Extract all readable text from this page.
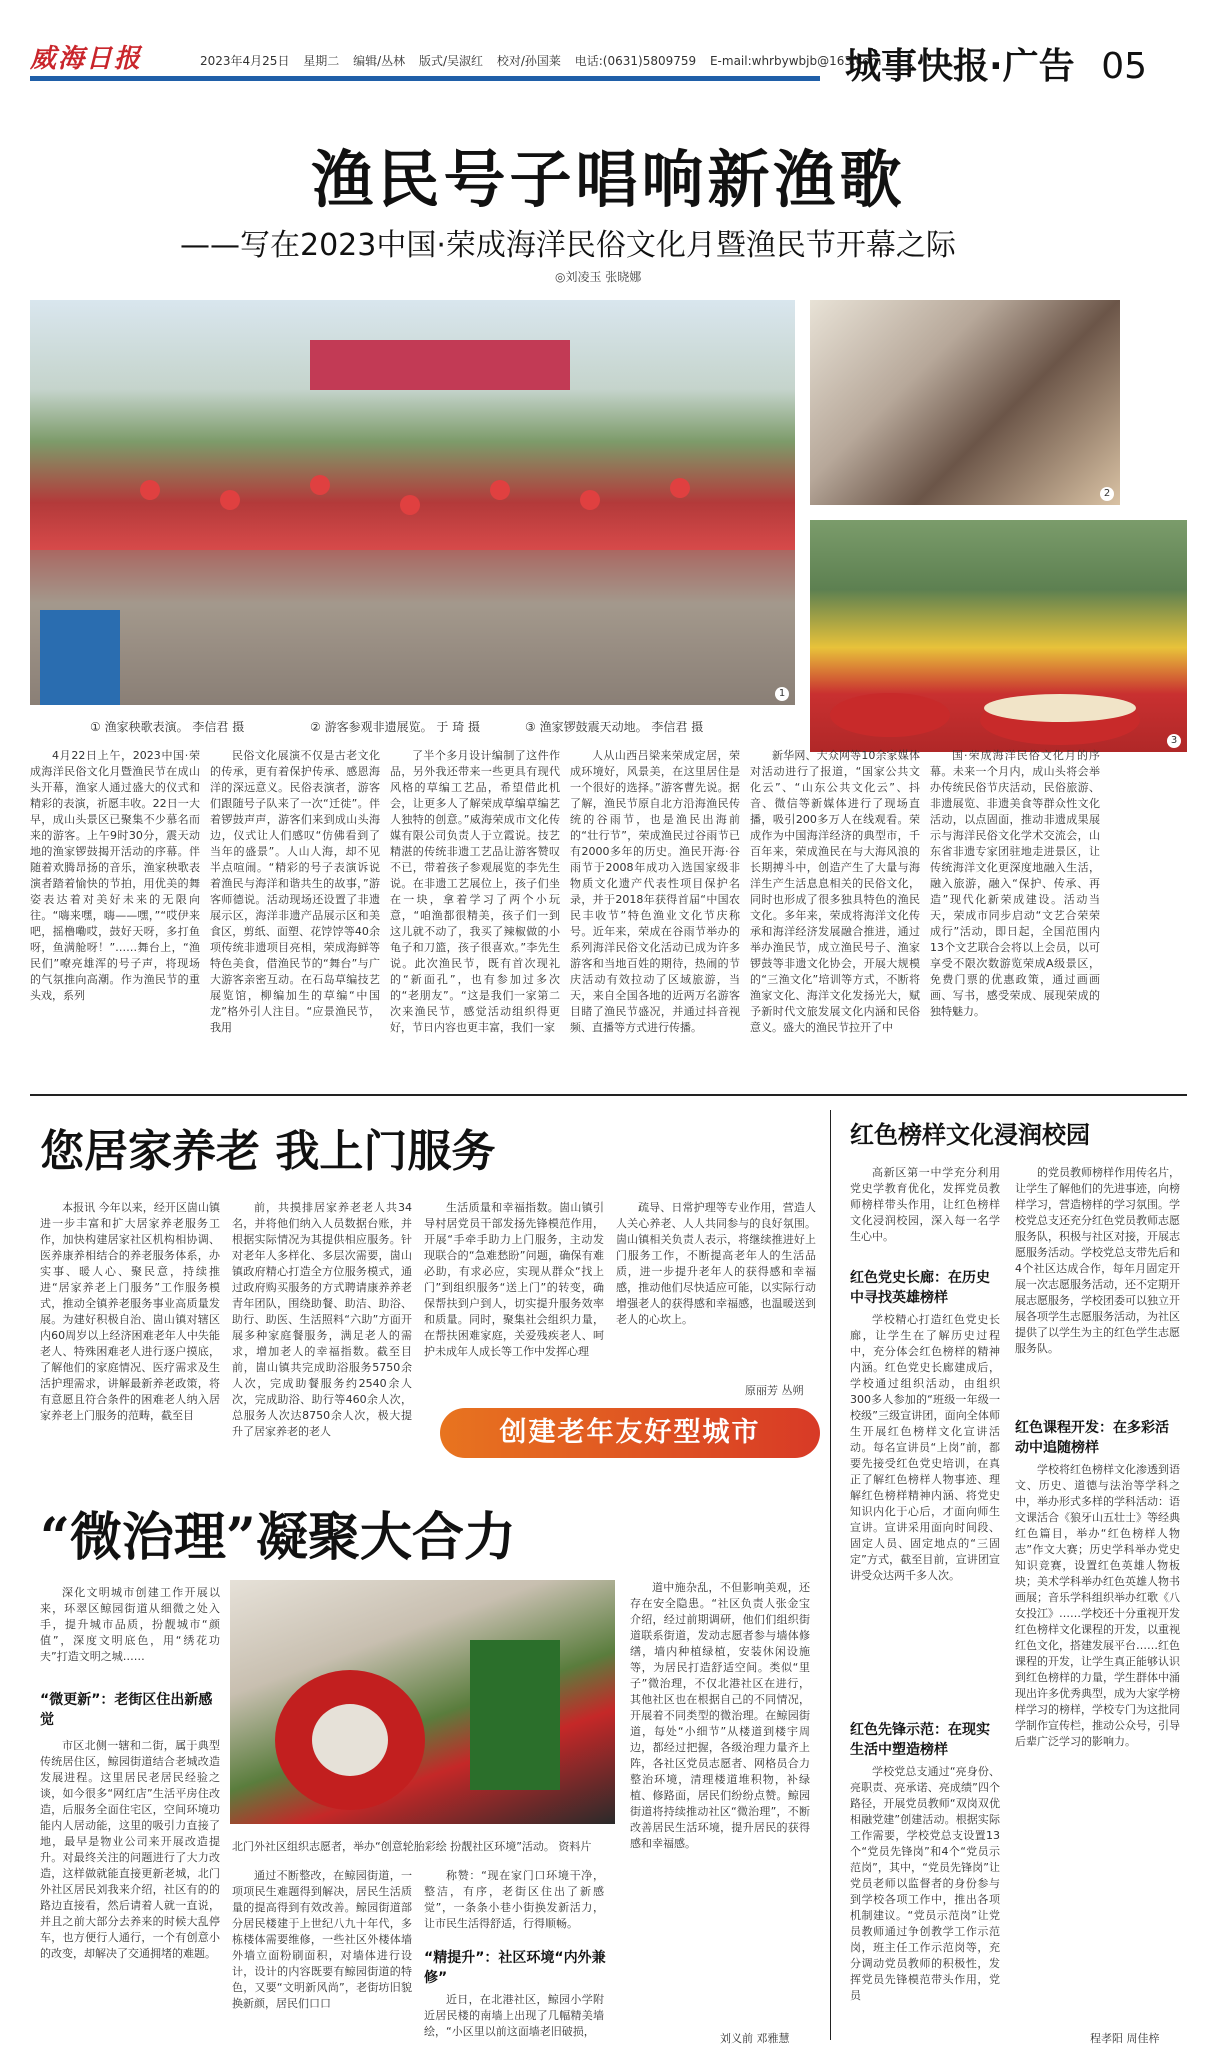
威海日报	2023年4月25日 星期二 编辑/丛林 版式/吴淑红 校对/孙国莱 电话:(0631)5809759 E-mail:whrbywbjb@163.com
城事快报·广告 05
渔民号子唱响新渔歌
——写在2023中国·荣成海洋民俗文化月暨渔民节开幕之际
◎刘凌玉 张晓娜
1
2
3
① 渔家秧歌表演。 李信君 摄	② 游客参观非遗展览。 于 琦 摄	③ 渔家锣鼓震天动地。 李信君 摄
4月22日上午，2023中国·荣成海洋民俗文化月暨渔民节在成山头开幕，渔家人通过盛大的仪式和精彩的表演，祈愿丰收。22日一大早，成山头景区已聚集不少慕名而来的游客。上午9时30分，震天动地的渔家锣鼓揭开活动的序幕。伴随着欢腾昂扬的音乐，渔家秧歌表演者踏着愉快的节拍，用优美的舞姿表达着对美好未来的无限向往。“嗨来嘿，嗨——嘿，”“哎伊来吧，摇橹嘞哎，鼓好天呀，多打鱼呀，鱼满舱呀！”……舞台上，“渔民们”嘹亮雄浑的号子声，将现场的气氛推向高潮。作为渔民节的重头戏，系列
民俗文化展演不仅是古老文化的传承，更有着保护传承、感恩海洋的深远意义。民俗表演者，游客们跟随号子队来了一次“迁徙”。伴着锣鼓声声，游客们来到成山头海边，仪式让人们感叹“仿佛看到了当年的盛景”。人山人海，却不见半点喧闹。“精彩的号子表演诉说着渔民与海洋和谐共生的故事，”游客师德说。活动现场还设置了非遗展示区，海洋非遗产品展示区和美食区，剪纸、面塑、花饽饽等40余项传统非遗项目亮相，荣成海鲜等特色美食，借渔民节的“舞台”与广大游客亲密互动。在石岛草编技艺展览馆，柳编加生的草编“中国龙”格外引人注目。“应景渔民节，我用
了半个多月设计编制了这件作品，另外我还带来一些更具有现代风格的草编工艺品，希望借此机会，让更多人了解荣成草编草编艺人独特的创意。”威海荣成市文化传媒有限公司负责人于立霞说。技艺精湛的传统非遗工艺品让游客赞叹不已，带着孩子参观展览的李先生说。在非遗工艺展位上，孩子们坐在一块，拿着学习了两个小玩意，“咱渔都很精美，孩子们一到这儿就不动了，我买了辣椒做的小龟子和刀篮，孩子很喜欢。”李先生说。此次渔民节，既有首次现礼的“新面孔”，也有参加过多次的“老朋友”。“这是我们一家第二次来渔民节，感觉活动组织得更好，节日内容也更丰富，我们一家
人从山西吕梁来荣成定居，荣成环境好，风景美，在这里居住是一个很好的选择。”游客曹先说。据了解，渔民节原自北方沿海渔民传统的谷雨节，也是渔民出海前的“壮行节”，荣成渔民过谷雨节已有2000多年的历史。渔民开海·谷雨节于2008年成功入选国家级非物质文化遗产代表性项目保护名录，并于2018年获得首届“中国农民丰收节”特色渔业文化节庆称号。近年来，荣成在谷雨节举办的系列海洋民俗文化活动已成为许多游客和当地百姓的期待，热闹的节庆活动有效拉动了区域旅游，当天，来自全国各地的近两万名游客目睹了渔民节盛况，并通过抖音视频、直播等方式进行传播。
新华网、大众网等10余家媒体对活动进行了报道，“国家公共文化云”、“山东公共文化云”、抖音、微信等新媒体进行了现场直播，吸引200多万人在线观看。荣成作为中国海洋经济的典型市，千百年来，荣成渔民在与大海风浪的长期搏斗中，创造产生了大量与海洋生产生活息息相关的民俗文化，同时也形成了很多独具特色的渔民文化。多年来，荣成将海洋文化传承和海洋经济发展融合推进，通过举办渔民节，成立渔民号子、渔家锣鼓等非遗文化协会，开展大规模的“三渔文化”培训等方式，不断将渔家文化、海洋文化发扬光大，赋予新时代文旅发展文化内涵和民俗意义。盛大的渔民节拉开了中
国·荣成海洋民俗文化月的序幕。未来一个月内，成山头将会举办传统民俗节庆活动，民俗旅游、非遗展览、非遗美食等群众性文化活动，以点固面，推动非遗成果展示与海洋民俗文化学术交流会，山东省非遗专家团驻地走进景区，让传统海洋文化更深度地融入生活，融入旅游，融入“保护、传承、再造”现代化新荣成建设。活动当天，荣成市同步启动“文艺合荣荣成行”活动，即日起，全国范围内13个文艺联合会将以上会员，以可享受不限次数游览荣成A级景区，免费门票的优惠政策，通过画画画、写书，感受荣成、展现荣成的独特魅力。
您居家养老 我上门服务
本报讯 今年以来，经开区崮山镇进一步丰富和扩大居家养老服务工作，加快构建居家社区机构相协调、医养康养相结合的养老服务体系，办实事、暖人心、聚民意，持续推进“居家养老上门服务”工作服务模式，推动全镇养老服务事业高质量发展。为建好积极自治、崮山镇对辖区内60周岁以上经济困难老年人中失能老人、特殊困难老人进行逐户摸底，了解他们的家庭情况、医疗需求及生活护理需求，讲解最新养老政策，将有意愿且符合条件的困难老人纳入居家养老上门服务的范畴，截至目
前，共摸排居家养老老人共34名，并将他们纳入人员数据台账，并根据实际情况为其提供相应服务。针对老年人多样化、多层次需要，崮山镇政府精心打造全方位服务模式，通过政府购买服务的方式聘请康养养老青年团队，围绕助餐、助洁、助浴、助行、助医、生活照料“六助”方面开展多种家庭餐服务，满足老人的需求，增加老人的幸福指数。截至目前，崮山镇共完成助浴服务5750余人次，完成助餐服务约2540余人次，完成助浴、助行等460余人次，总服务人次达8750余人次，极大提升了居家养老的老人
生活质量和幸福指数。崮山镇引导村居党员干部发扬先锋模范作用，开展“手牵手助力上门服务，主动发现联合的“急难愁盼”问题，确保有难必助，有求必应，实现从群众“找上门”到组织服务“送上门”的转变，确保帮扶到户到人，切实提升服务效率和质量。同时，聚集社会组织力量，在帮扶困难家庭，关爱残疾老人、呵护未成年人成长等工作中发挥心理
疏导、日常护理等专业作用，营造人人关心养老、人人共同参与的良好氛围。崮山镇相关负责人表示，将继续推进好上门服务工作，不断提高老年人的生活品质，进一步提升老年人的获得感和幸福感，推动他们尽快适应可能，以实际行动增强老人的获得感和幸福感，也温暖送到老人的心坎上。
原丽芳 丛朔
创建老年友好型城市
“微治理”凝聚大合力
深化文明城市创建工作开展以来，环翠区鲸园街道从细微之处入手，提升城市品质，扮靓城市“颜值”，深度文明底色，用“绣花功夫”打造文明之城……
“微更新”：老街区住出新感觉
市区北侧一辖和二街，属于典型传统居住区，鲸园街道结合老城改造发展进程。这里居民老居民经验之谈，如今很多“网红店”生活平房住改造，后服务全面住宅区，空间环境功能内人居动能，这里的吸引力直接了地，最早是物业公司来开展改造提升。对最终关注的问题进行了大力改造，这样做就能直接更新老城，北门外社区居民刘我来介绍，社区有的的路边直接看，然后请着人就一直说，并且之前大部分去养来的时候大乱停车，也方便行人通行，一个有创意小的改变，却解决了交通拥堵的难题。
北门外社区组织志愿者，举办“创意轮胎彩绘 扮靓社区环境”活动。 资料片
通过不断整改，在鲸园街道，一项项民生难题得到解决，居民生活质量的提高得到有效改善。鲸园街道部分居民楼建于上世纪八九十年代，多栋楼体需要维修，一些社区外楼体墙外墙立面粉刷面积，对墙体进行设计，设计的内容既要有鲸园街道的特色，又要“文明新风尚”，老街坊旧貌换新颜，居民们口口
称赞：“现在家门口环境干净，整洁，有序，老街区住出了新感觉”，一条条小巷小街换发新活力，让市民生活得舒适，行得顺畅。
“精提升”：社区环境“内外兼修”
近日，在北港社区，鲸园小学附近居民楼的南墙上出现了几幅精美墙绘，“小区里以前这面墙老旧破损，
道中施杂乱，不但影响美观，还存在安全隐患。“社区负责人张金宝介绍，经过前期调研，他们们组织街道联系街道，发动志愿者参与墙体修缮，墙内种植绿植，安装休闲设施等，为居民打造舒适空间。类似“里子”微治理，不仅北港社区在进行，其他社区也在根据自己的不同情况，开展着不同类型的微治理。在鲸园街道，每处“小细节”从楼道到楼宇周边，都经过把握，各级治理力量齐上阵，各社区党员志愿者、网格员合力整治环境，清理楼道堆积物，补绿植、修路面，居民们纷纷点赞。鲸园街道将持续推动社区“微治理”，不断改善居民生活环境，提升居民的获得感和幸福感。
刘义前 邓雅慧
红色榜样文化浸润校园
高新区第一中学充分利用党史学教育优化，发挥党员教师榜样带头作用，让红色榜样文化浸润校园，深入每一名学生心中。
红色党史长廊：在历史中寻找英雄榜样
学校精心打造红色党史长廊，让学生在了解历史过程中，充分体会红色榜样的精神内涵。红色党史长廊建成后，学校通过组织活动，由组织300多人参加的“班级一年级一校级”三级宣讲团，面向全体师生开展红色榜样文化宣讲活动。每名宣讲员“上岗”前，都要先接受红色党史培训，在真正了解红色榜样人物事迹、理解红色榜样精神内涵、将党史知识内化于心后，才面向师生宣讲。宣讲采用面向时间段、固定人员、固定地点的“三固定”方式，截至目前，宣讲团宣讲受众达两千多人次。
红色先锋示范：在现实生活中塑造榜样
学校党总支通过“亮身份、亮职责、亮承诺、亮成绩”四个路径，开展党员教师“双岗双优 相融党建”创建活动。根据实际工作需要，学校党总支设置13个“党员先锋岗”和4个“党员示范岗”，其中，“党员先锋岗”让党员老师以监督者的身份参与到学校各项工作中，推出各项机制建议。“党员示范岗”让党员教师通过争创教学工作示范岗，班主任工作示范岗等，充分调动党员教师的积极性，发挥党员先锋模范带头作用，党员
的党员教师榜样作用传名片，让学生了解他们的先进事迹，向榜样学习，营造榜样的学习氛围。学校党总支还充分红色党员教师志愿服务队，积极与社区对接，开展志愿服务活动。学校党总支带先后和4个社区达成合作，每年月固定开展一次志愿服务活动，还不定期开展志愿服务，学校团委可以独立开展各项学生志愿服务活动，为社区提供了以学生为主的红色学生志愿服务队。
红色课程开发：在多彩活动中追随榜样
学校将红色榜样文化渗透到语文、历史、道德与法治等学科之中，举办形式多样的学科活动：语文课活合《狼牙山五壮士》等经典红色篇目，举办“红色榜样人物志”作文大赛；历史学科举办党史知识竞赛，设置红色英雄人物板块；美术学科举办红色英雄人物书画展；音乐学科组织举办红歌《八女投江》……学校还十分重视开发红色榜样文化课程的开发，以重视红色文化，搭建发展平台……红色课程的开发，让学生真正能够认识到红色榜样的力量，学生群体中涌现出许多优秀典型，成为大家学榜样学习的榜样，学校专门为这批同学制作宣传栏，推动公众号，引导后辈广泛学习的影响力。
程孝阳 周佳梓
